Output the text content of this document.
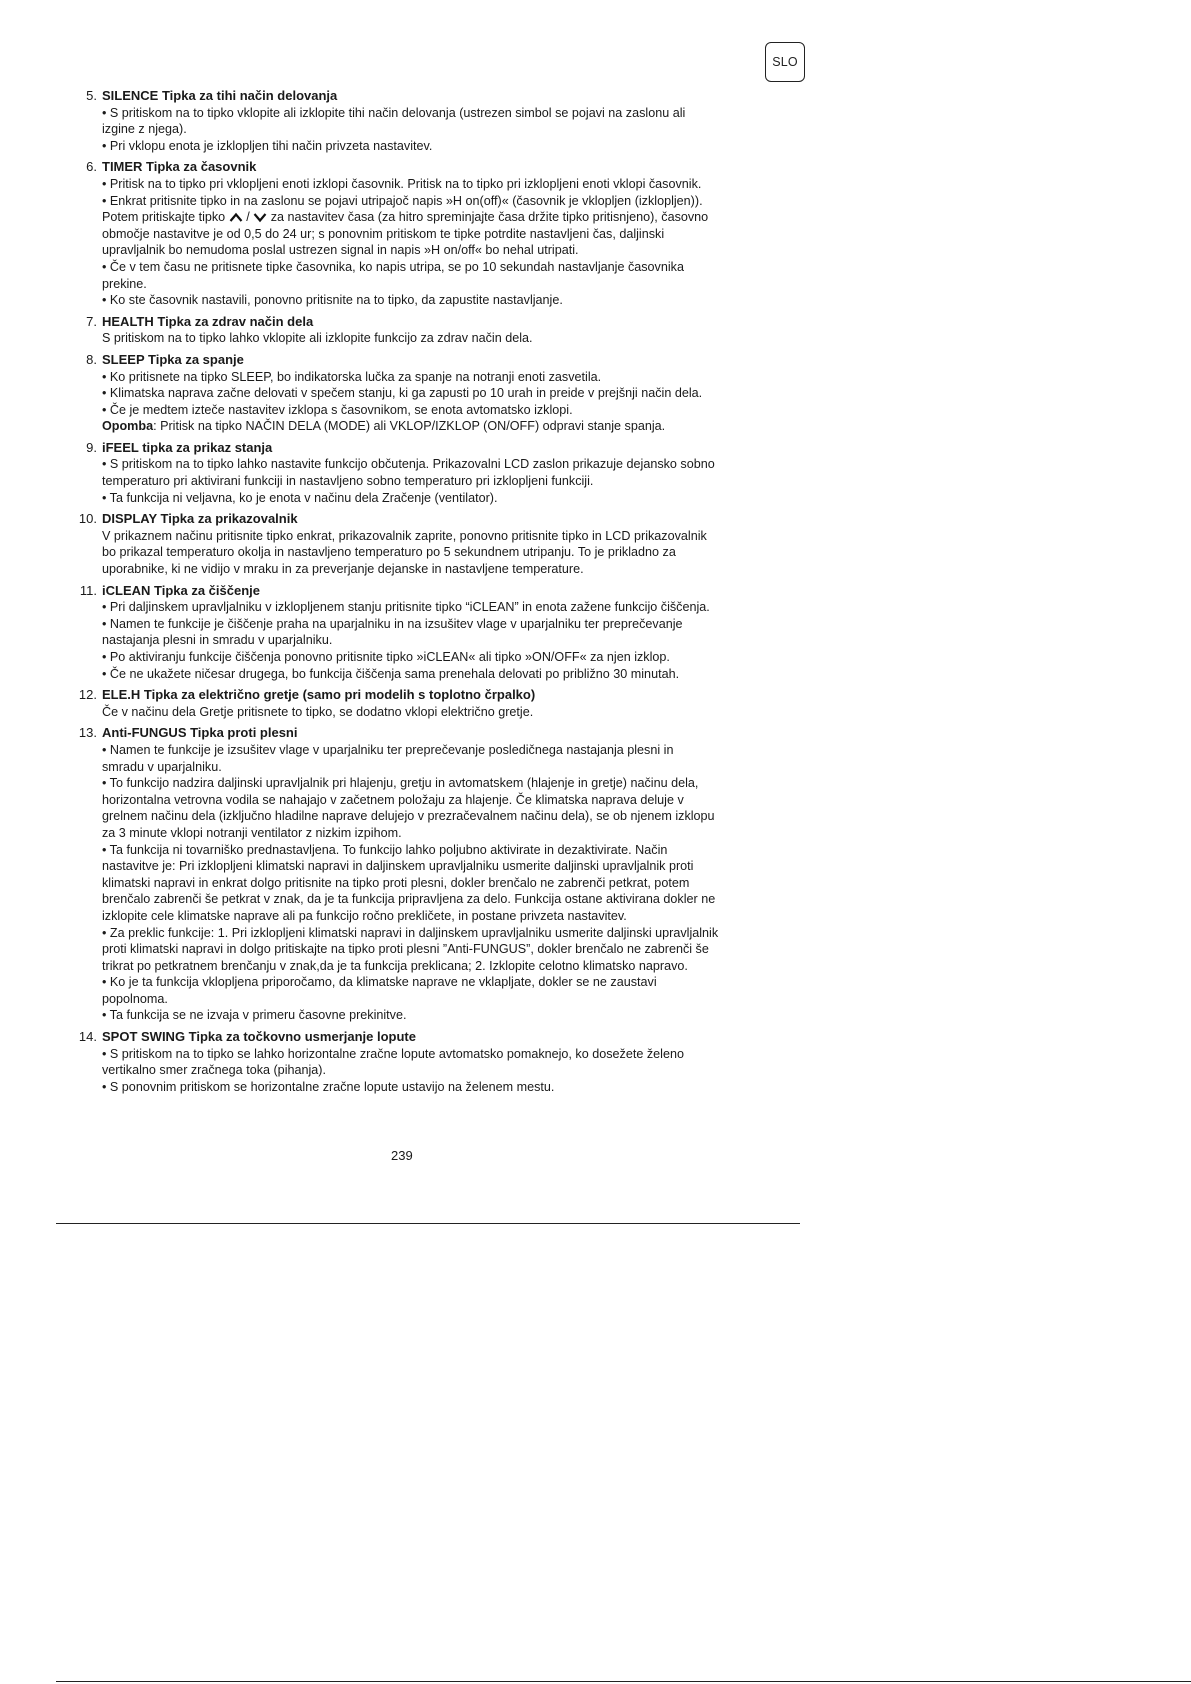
SLO
5. SILENCE Tipka za tihi način delovanja
• S pritiskom na to tipko vklopite ali izklopite tihi način delovanja (ustrezen simbol se pojavi na zaslonu ali
izgine z njega).
• Pri vklopu enota je izklopljen tihi način privzeta nastavitev.
6. TIMER Tipka za časovnik
• Pritisk na to tipko pri vklopljeni enoti izklopi časovnik. Pritisk na to tipko pri izklopljeni enoti vklopi časovnik.
• Enkrat pritisnite tipko in na zaslonu se pojavi utripajoč napis »H on(off)« (časovnik je vklopljen (izklopljen)).
Potem pritiskajte tipko  /  za nastavitev časa (za hitro spreminjajte časa držite tipko pritisnjeno), časovno
območje nastavitve je od 0,5 do 24 ur; s ponovnim pritiskom te tipke potrdite nastavljeni čas, daljinski
upravljalnik bo nemudoma poslal ustrezen signal in napis »H on/off« bo nehal utripati.
• Če v tem času ne pritisnete tipke časovnika, ko napis utripa, se po 10 sekundah nastavljanje časovnika
prekine.
• Ko ste časovnik nastavili, ponovno pritisnite na to tipko, da zapustite nastavljanje.
7. HEALTH Tipka za zdrav način dela
S pritiskom na to tipko lahko vklopite ali izklopite funkcijo za zdrav način dela.
8. SLEEP Tipka za spanje
• Ko pritisnete na tipko SLEEP, bo indikatorska lučka za spanje na notranji enoti zasvetila.
• Klimatska naprava začne delovati v spečem stanju, ki ga zapusti po 10 urah in preide v prejšnji način dela.
• Če je medtem izteče nastavitev izklopa s časovnikom, se enota avtomatsko izklopi.
Opomba: Pritisk na tipko NAČIN DELA (MODE) ali VKLOP/IZKLOP (ON/OFF) odpravi stanje spanja.
9. iFEEL tipka za prikaz stanja
• S pritiskom na to tipko lahko nastavite funkcijo občutenja. Prikazovalni LCD zaslon prikazuje dejansko sobno
temperaturo pri aktivirani funkciji in nastavljeno sobno temperaturo pri izklopljeni funkciji.
• Ta funkcija ni veljavna, ko je enota v načinu dela Zračenje (ventilator).
10. DISPLAY Tipka za prikazovalnik
V prikaznem načinu pritisnite tipko enkrat, prikazovalnik zaprite, ponovno pritisnite tipko in LCD prikazovalnik
bo prikazal temperaturo okolja in nastavljeno temperaturo po 5 sekundnem utripanju. To je prikladno za
uporabnike, ki ne vidijo v mraku in za preverjanje dejanske in nastavljene temperature.
11. iCLEAN Tipka za čiščenje
• Pri daljinskem upravljalniku v izklopljenem stanju pritisnite tipko “iCLEAN” in enota zažene funkcijo čiščenja.
• Namen te funkcije je čiščenje praha na uparjalniku in na izsušitev vlage v uparjalniku ter preprečevanje
nastajanja plesni in smradu v uparjalniku.
• Po aktiviranju funkcije čiščenja ponovno pritisnite tipko »iCLEAN« ali tipko »ON/OFF« za njen izklop.
• Če ne ukažete ničesar drugega, bo funkcija čiščenja sama prenehala delovati po približno 30 minutah.
12. ELE.H Tipka za električno gretje (samo pri modelih s toplotno črpalko)
Če v načinu dela Gretje pritisnete to tipko, se dodatno vklopi električno gretje.
13. Anti-FUNGUS Tipka proti plesni
• Namen te funkcije je izsušitev vlage v uparjalniku ter preprečevanje posledičnega nastajanja plesni in
smradu v uparjalniku.
• To funkcijo nadzira daljinski upravljalnik pri hlajenju, gretju in avtomatskem (hlajenje in gretje) načinu dela,
horizontalna vetrovna vodila se nahajajo v začetnem položaju za hlajenje. Če klimatska naprava deluje v
grelnem načinu dela (izključno hladilne naprave delujejo v prezračevalnem načinu dela), se ob njenem izklopu
za 3 minute vklopi notranji ventilator z nizkim izpihom.
• Ta funkcija ni tovarniško prednastavljena. To funkcijo lahko poljubno aktivirate in dezaktivirate. Način
nastavitve je: Pri izklopljeni klimatski napravi in daljinskem upravljalniku usmerite daljinski upravljalnik proti
klimatski napravi in enkrat dolgo pritisnite na tipko proti plesni, dokler brenčalo ne zabrenči petkrat, potem
brenčalo zabrenči še petkrat v znak, da je ta funkcija pripravljena za delo. Funkcija ostane aktivirana dokler ne
izklopite cele klimatske naprave ali pa funkcijo ročno prekličete, in postane privzeta nastavitev.
• Za preklic funkcije: 1. Pri izklopljeni klimatski napravi in daljinskem upravljalniku usmerite daljinski upravljalnik
proti klimatski napravi in dolgo pritiskajte na tipko proti plesni ”Anti-FUNGUS”, dokler brenčalo ne zabrenči še
trikrat po petkratnem brenčanju v znak,da je ta funkcija preklicana; 2. Izklopite celotno klimatsko napravo.
• Ko je ta funkcija vklopljena priporočamo, da klimatske naprave ne vklapljate, dokler se ne zaustavi
popolnoma.
• Ta funkcija se ne izvaja v primeru časovne prekinitve.
14. SPOT SWING Tipka za točkovno usmerjanje lopute
• S pritiskom na to tipko se lahko horizontalne zračne lopute avtomatsko pomaknejo, ko dosežete želeno
vertikalno smer zračnega toka (pihanja).
• S ponovnim pritiskom se horizontalne zračne lopute ustavijo na želenem mestu.
239
